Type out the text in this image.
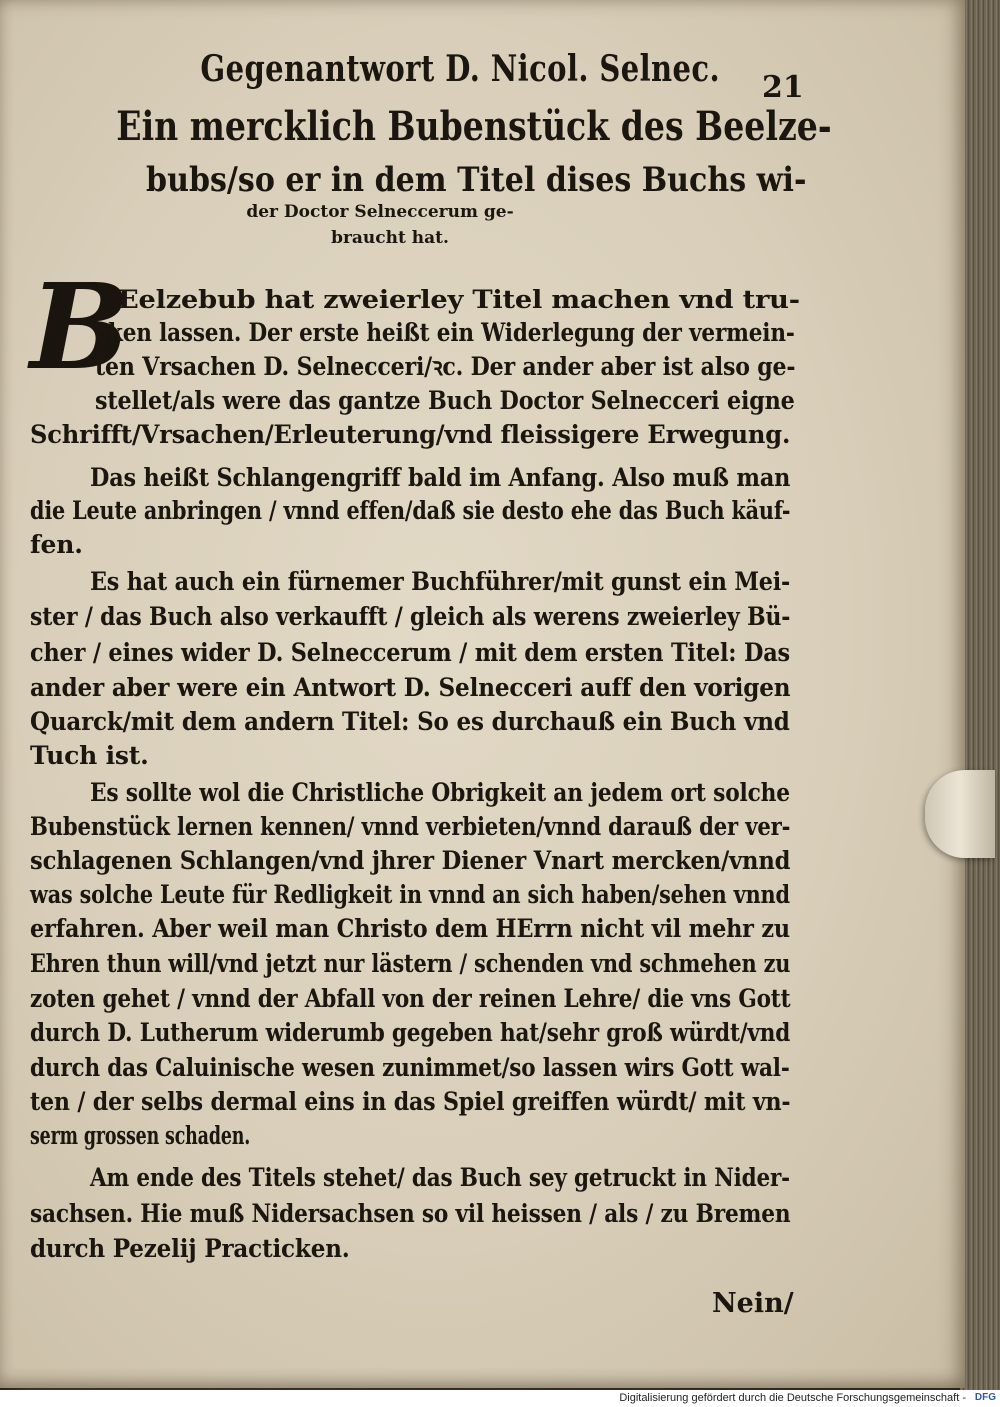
Gegenantwort D. Nicol. Selnec. 21
Ein mercklich Bubenstück des Beelze-
bubs/so er in dem Titel dises Buchs wi-
der Doctor Selneccerum ge-
braucht hat.
B
Eelzebub hat zweierley Titel machen vnd tru-
cken lassen. Der erste heißt ein Widerlegung der vermein-
ten Vrsachen D. Selnecceri/ꝛc. Der ander aber ist also ge-
stellet/als were das gantze Buch Doctor Selnecceri eigne
Schrifft/Vrsachen/Erleuterung/vnd fleissigere Erwegung.
Das heißt Schlangengriff bald im Anfang. Also muß man
die Leute anbringen / vnnd effen/daß sie desto ehe das Buch käuf-
fen.
Es hat auch ein fürnemer Buchführer/mit gunst ein Mei-
ster / das Buch also verkaufft / gleich als werens zweierley Bü-
cher / eines wider D. Selneccerum / mit dem ersten Titel: Das
ander aber were ein Antwort D. Selnecceri auff den vorigen
Quarck/mit dem andern Titel: So es durchauß ein Buch vnd
Tuch ist.
Es sollte wol die Christliche Obrigkeit an jedem ort solche
Bubenstück lernen kennen/ vnnd verbieten/vnnd darauß der ver-
schlagenen Schlangen/vnd jhrer Diener Vnart mercken/vnnd
was solche Leute für Redligkeit in vnnd an sich haben/sehen vnnd
erfahren. Aber weil man Christo dem HErrn nicht vil mehr zu
Ehren thun will/vnd jetzt nur lästern / schenden vnd schmehen zu
zoten gehet / vnnd der Abfall von der reinen Lehre/ die vns Gott
durch D. Lutherum widerumb gegeben hat/sehr groß würdt/vnd
durch das Caluinische wesen zunimmet/so lassen wirs Gott wal-
ten / der selbs dermal eins in das Spiel greiffen würdt/ mit vn-
serm grossen schaden.
Am ende des Titels stehet/ das Buch sey getruckt in Nider-
sachsen. Hie muß Nidersachsen so vil heissen / als / zu Bremen
durch Pezelij Practicken.
Nein/
Digitalisierung gefördert durch die Deutsche Forschungsgemeinschaft - DFG
